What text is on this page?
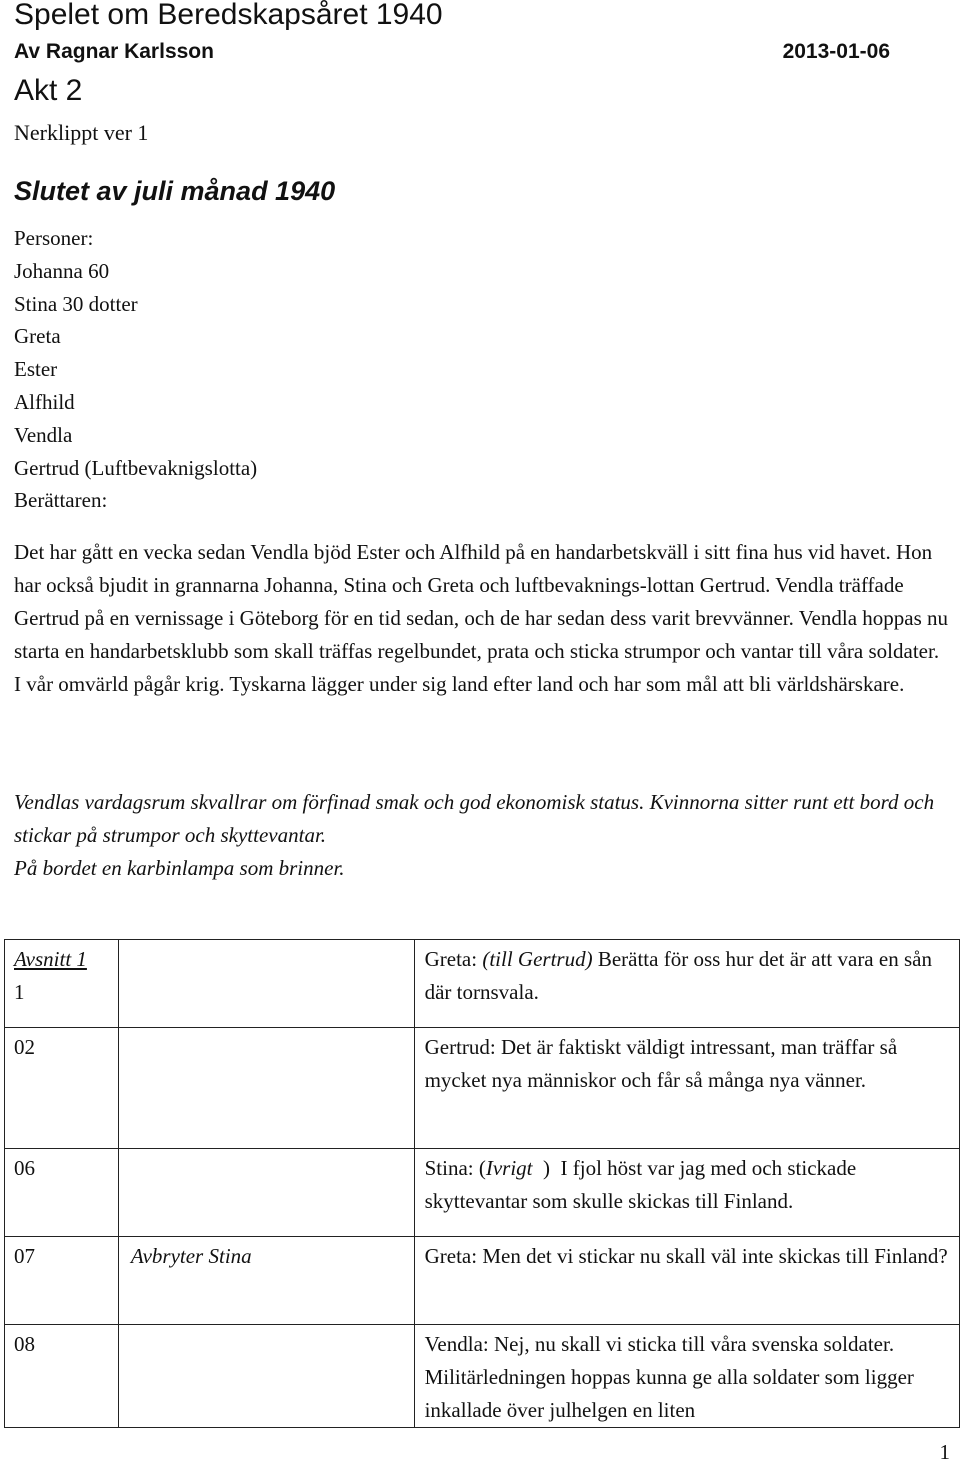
Spelet om Beredskapsåret 1940
Av Ragnar Karlsson	2013-01-06
Akt 2
Nerklippt ver 1
Slutet av juli månad 1940
Personer:
Johanna 60
Stina 30 dotter
Greta
Ester
Alfhild
Vendla
Gertrud (Luftbevaknigslotta)
Berättaren:

Det har gått en vecka sedan Vendla bjöd Ester och Alfhild på en handarbetskväll i sitt fina hus vid havet. Hon har också bjudit in grannarna Johanna, Stina och Greta och luftbevaknings-lottan Gertrud. Vendla träffade Gertrud på en vernissage i Göteborg för en tid sedan, och de har sedan dess varit brevvänner. Vendla hoppas nu starta en handarbetsklubb som skall träffas regelbundet, prata och sticka strumpor och vantar till våra soldater.

I vår omvärld pågår krig. Tyskarna lägger under sig land efter land och har som mål att bli världshärskare.

Vendlas vardagsrum skvallrar om förfinad smak och god ekonomisk status. Kvinnorna sitter runt ett bord och stickar på strumpor och skyttevantar.

På bordet en karbinlampa som brinner.

Avsnitt 1
1		Greta: (till Gertrud) Berätta för oss hur det är att vara en sån där tornsvala.
02		Gertrud: Det är faktiskt väldigt intressant, man träffar så mycket nya människor och får så många nya vänner.
06		Stina: (Ivrigt  )  I fjol höst var jag med och stickade skyttevantar som skulle skickas till Finland.
07	Avbryter Stina	Greta: Men det vi stickar nu skall väl inte skickas till Finland?
08		Vendla: Nej, nu skall vi sticka till våra svenska soldater. Militärledningen hoppas kunna ge alla soldater som ligger inkallade över julhelgen en liten
1
